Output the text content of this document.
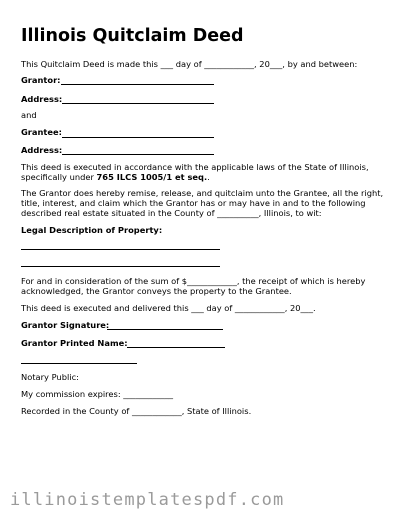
Illinois Quitclaim Deed
This Quitclaim Deed is made this ___ day of ____________, 20___, by and between:
Grantor:
Address:
and
Grantee:
Address:
This deed is executed in accordance with the applicable laws of the State of Illinois,
specifically under 765 ILCS 1005/1 et seq..
The Grantor does hereby remise, release, and quitclaim unto the Grantee, all the right,
title, interest, and claim which the Grantor has or may have in and to the following
described real estate situated in the County of __________, Illinois, to wit:
Legal Description of Property:
For and in consideration of the sum of $____________, the receipt of which is hereby
acknowledged, the Grantor conveys the property to the Grantee.
This deed is executed and delivered this ___ day of ____________, 20___.
Grantor Signature:
Grantor Printed Name:
Notary Public:
My commission expires: ____________
Recorded in the County of ____________, State of Illinois.
illinoistemplatespdf.com
